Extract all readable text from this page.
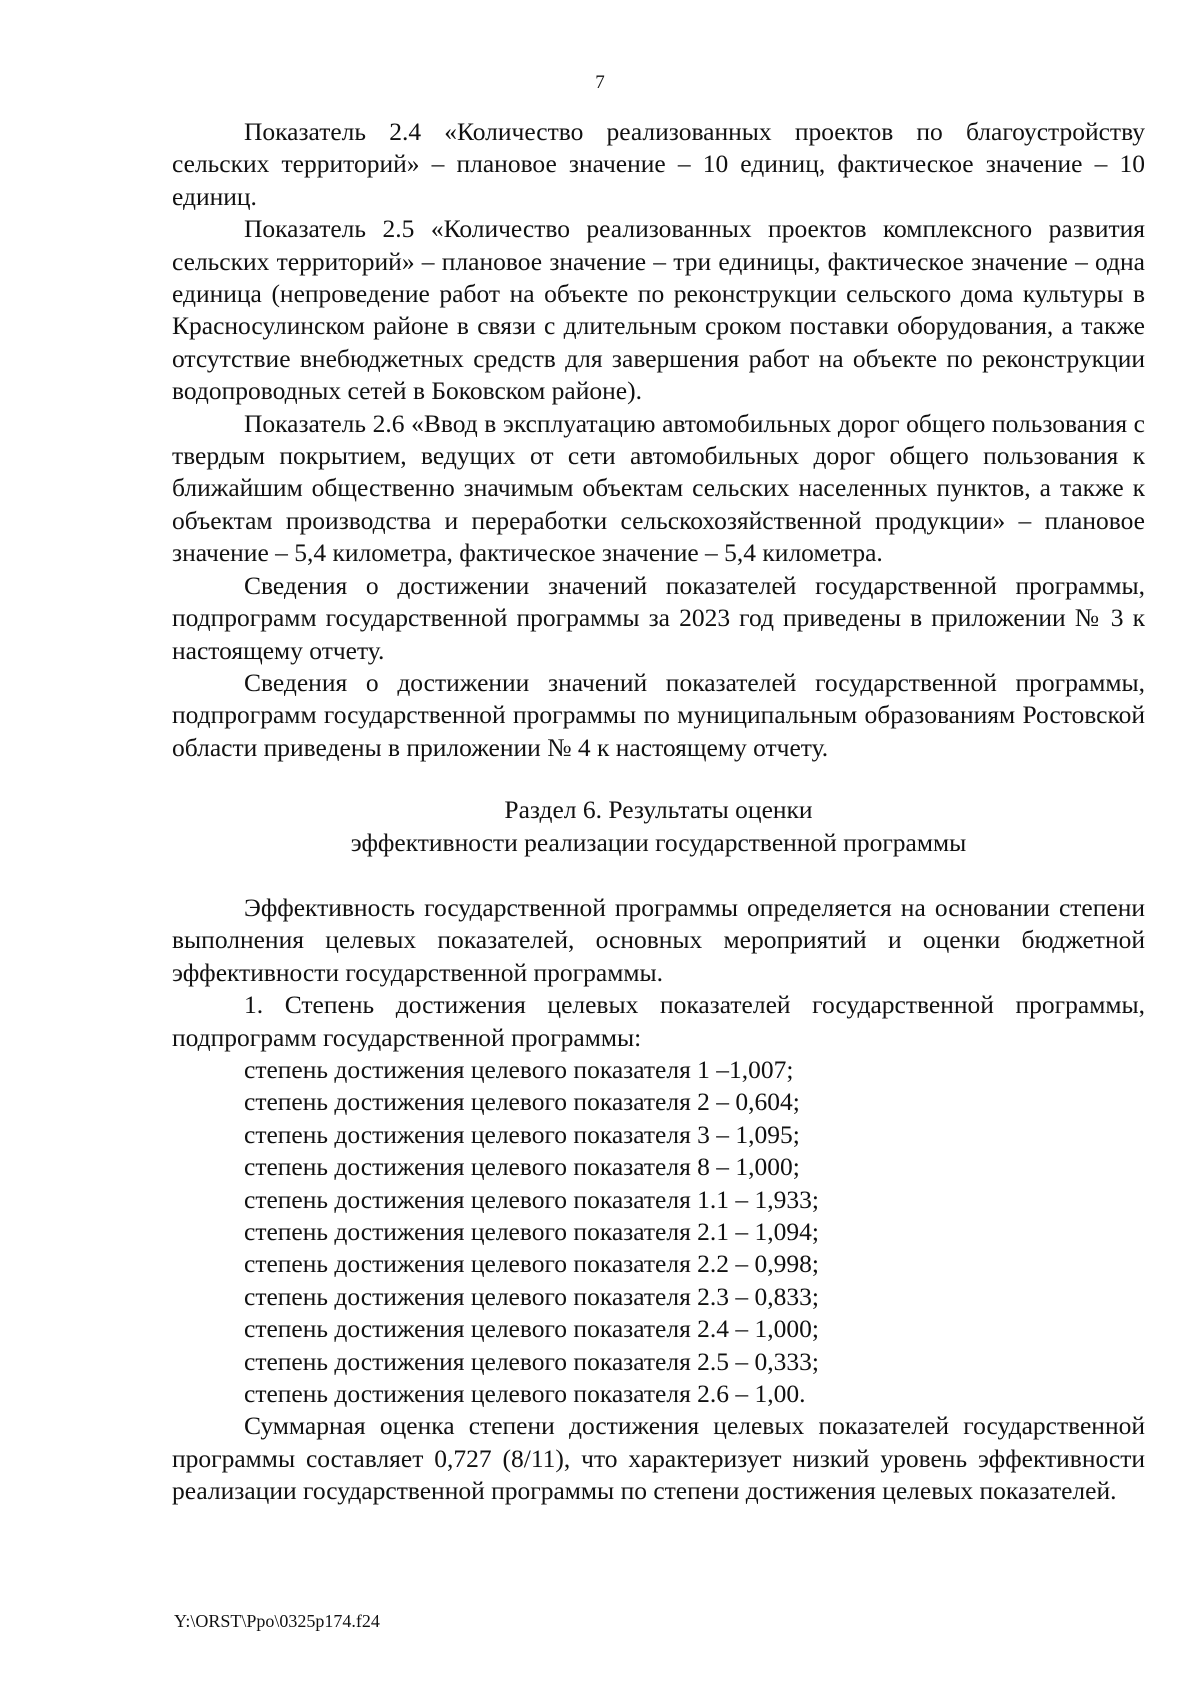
7

Показатель 2.4 «Количество реализованных проектов по благоустройству сельских территорий» – плановое значение – 10 единиц, фактическое значение – 10 единиц.

Показатель 2.5 «Количество реализованных проектов комплексного развития сельских территорий» – плановое значение – три единицы, фактическое значение – одна единица (непроведение работ на объекте по реконструкции сельского дома культуры в Красносулинском районе в связи с длительным сроком поставки оборудования, а также отсутствие внебюджетных средств для завершения работ на объекте по реконструкции водопроводных сетей в Боковском районе).

Показатель 2.6 «Ввод в эксплуатацию автомобильных дорог общего пользования с твердым покрытием, ведущих от сети автомобильных дорог общего пользования к ближайшим общественно значимым объектам сельских населенных пунктов, а также к объектам производства и переработки сельскохозяйственной продукции» – плановое значение – 5,4 километра, фактическое значение – 5,4 километра.

Сведения о достижении значений показателей государственной программы, подпрограмм государственной программы за 2023 год приведены в приложении № 3 к настоящему отчету.

Сведения о достижении значений показателей государственной программы, подпрограмм государственной программы по муниципальным образованиям Ростовской области приведены в приложении № 4 к настоящему отчету.

Раздел 6. Результаты оценки
эффективности реализации государственной программы

Эффективность государственной программы определяется на основании степени выполнения целевых показателей, основных мероприятий и оценки бюджетной эффективности государственной программы.

1. Степень достижения целевых показателей государственной программы, подпрограмм государственной программы:

степень достижения целевого показателя 1 –1,007;

степень достижения целевого показателя 2 – 0,604;

степень достижения целевого показателя 3 – 1,095;

степень достижения целевого показателя 8 – 1,000;

степень достижения целевого показателя 1.1 – 1,933;

степень достижения целевого показателя 2.1 – 1,094;

степень достижения целевого показателя 2.2 – 0,998;

степень достижения целевого показателя 2.3 – 0,833;

степень достижения целевого показателя 2.4 – 1,000;

степень достижения целевого показателя 2.5 – 0,333;

степень достижения целевого показателя 2.6 – 1,00.

Суммарная оценка степени достижения целевых показателей государственной программы составляет 0,727 (8/11), что характеризует низкий уровень эффективности реализации государственной программы по степени достижения целевых показателей.

Y:\ORST\Ppo\0325p174.f24
